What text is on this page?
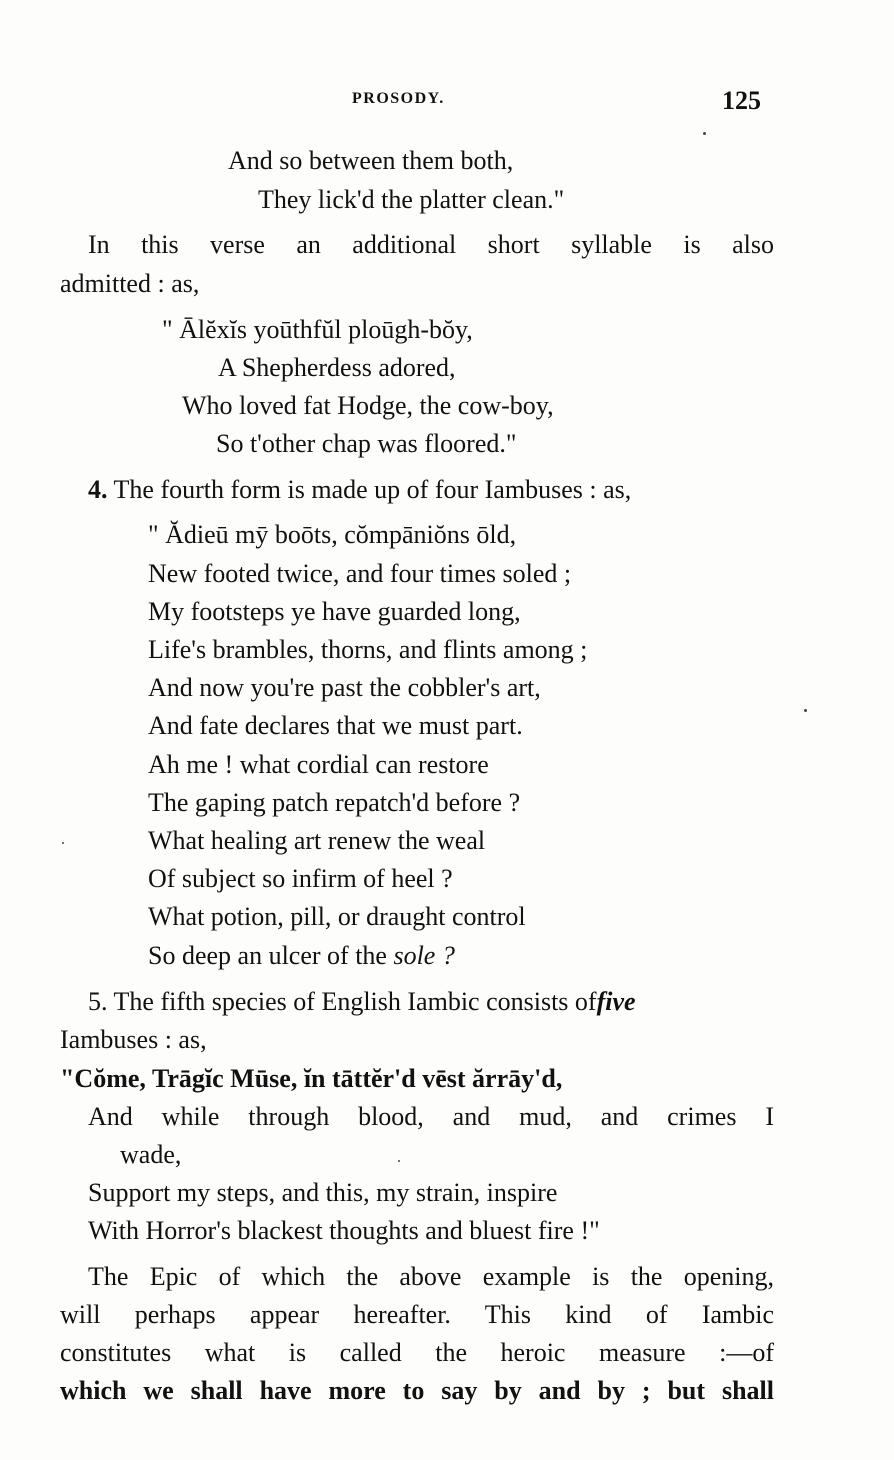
PROSODY.	125
And so between them both,
They lick'd the platter clean."
In this verse an additional short syllable is also
admitted : as,
" Ālĕxĭs yoūthfŭl ploūgh-bŏy,
A Shepherdess adored,
Who loved fat Hodge, the cow-boy,
So t'other chap was floored."
4. The fourth form is made up of four Iambuses : as,
" Ădieū mȳ boōts, cŏmpāniŏns ōld,
New footed twice, and four times soled ;
My footsteps ye have guarded long,
Life's brambles, thorns, and flints among ;
And now you're past the cobbler's art,
And fate declares that we must part.
Ah me ! what cordial can restore
The gaping patch repatch'd before ?
What healing art renew the weal
Of subject so infirm of heel ?
What potion, pill, or draught control
So deep an ulcer of the sole ?
5. The fifth species of English Iambic consists offive
Iambuses : as,
"Cŏme, Trāgĭc Mūse, ĭn tāttĕr'd vēst ărrāy'd,
And while through blood, and mud, and crimes I
wade,
Support my steps, and this, my strain, inspire
With Horror's blackest thoughts and bluest fire !"
The Epic of which the above example is the opening,
will perhaps appear hereafter. This kind of Iambic
constitutes what is called the heroic measure :—of
which we shall have more to say by and by ; but shall
